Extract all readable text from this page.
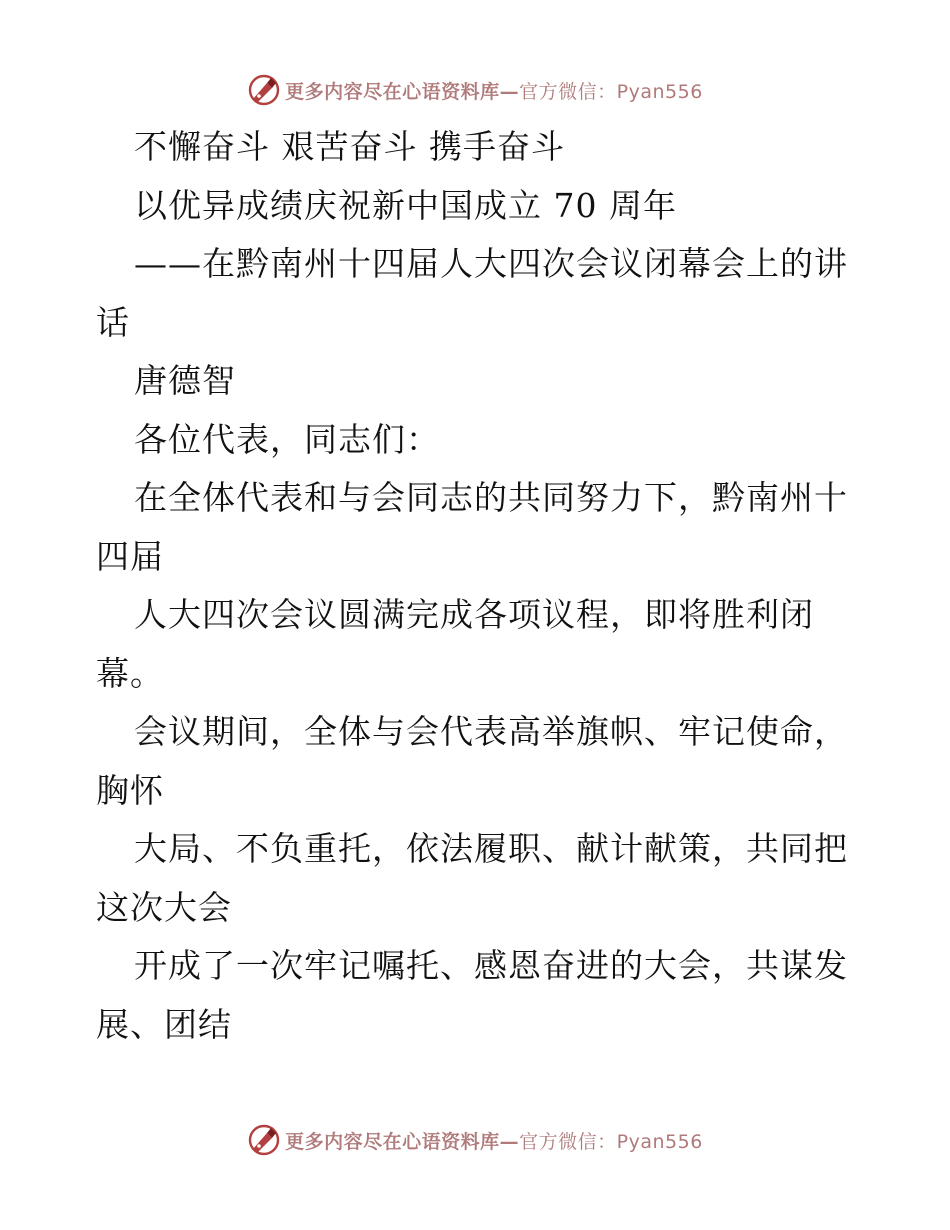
更多内容尽在心语资料库—官方微信：Pyan556
不懈奋斗 艰苦奋斗 携手奋斗
以优异成绩庆祝新中国成立 70 周年
——在黔南州十四届人大四次会议闭幕会上的讲
话
唐德智
各位代表，同志们：
在全体代表和与会同志的共同努力下，黔南州十
四届
人大四次会议圆满完成各项议程，即将胜利闭
幕。
会议期间，全体与会代表高举旗帜、牢记使命，
胸怀
大局、不负重托，依法履职、献计献策，共同把
这次大会
开成了一次牢记嘱托、感恩奋进的大会，共谋发
展、团结
更多内容尽在心语资料库—官方微信：Pyan556
